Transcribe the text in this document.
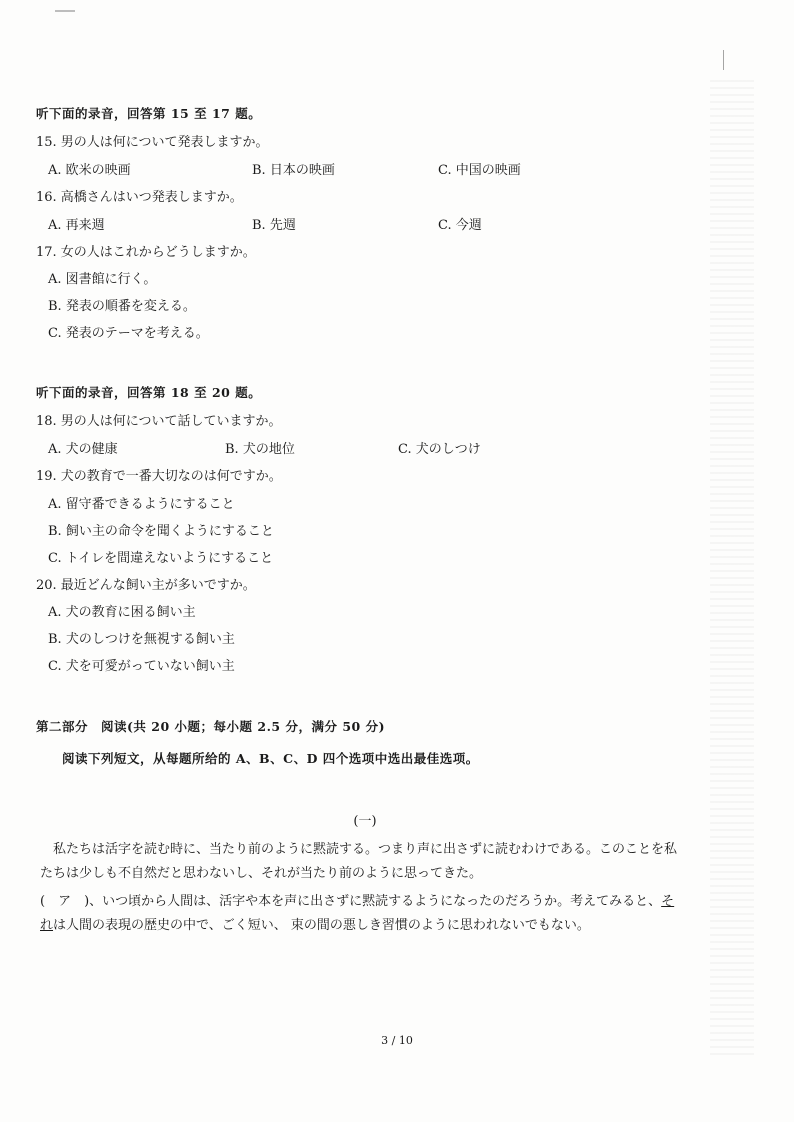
听下面的录音，回答第 15 至 17 题。
15. 男の人は何について発表しますか。
A. 欧米の映画	B. 日本の映画	C. 中国の映画
16. 高橋さんはいつ発表しますか。
A. 再来週	B. 先週	C. 今週
17. 女の人はこれからどうしますか。
A. 図書館に行く。
B. 発表の順番を変える。
C. 発表のテーマを考える。
听下面的录音，回答第 18 至 20 题。
18. 男の人は何について話していますか。
A. 犬の健康	B. 犬の地位	C. 犬のしつけ
19. 犬の教育で一番大切なのは何ですか。
A. 留守番できるようにすること
B. 飼い主の命令を聞くようにすること
C. トイレを間違えないようにすること
20. 最近どんな飼い主が多いですか。
A. 犬の教育に困る飼い主
B. 犬のしつけを無視する飼い主
C. 犬を可愛がっていない飼い主
第二部分　阅读(共 20 小题；每小题 2.5 分，满分 50 分)
阅读下列短文，从每题所给的 A、B、C、D 四个选项中选出最佳选项。
(一)
私たちは活字を読む時に、当たり前のように黙読する。つまり声に出さずに読むわけである。このことを私たちは少しも不自然だと思わないし、それが当たり前のように思ってきた。
(　ア　)、いつ頃から人間は、活字や本を声に出さずに黙読するようになったのだろうか。考えてみると、それは人間の表現の歴史の中で、ごく短い、 束の間の悪しき習慣のように思われないでもない。
3 / 10
